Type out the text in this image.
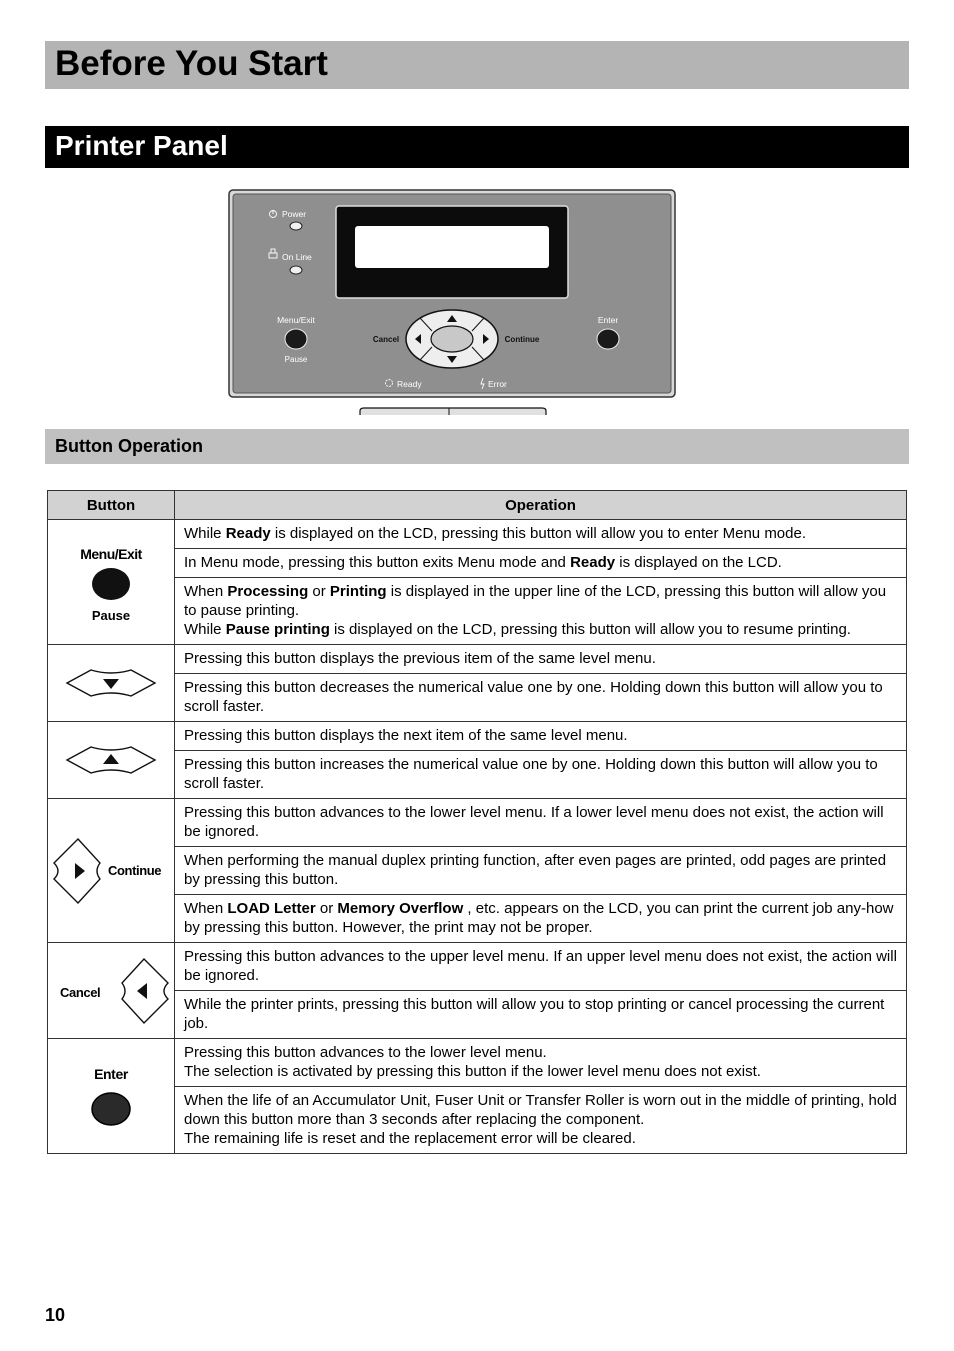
Before You Start
Printer Panel
Power
On Line
Menu/Exit
Pause
Cancel	Continue
Enter
Ready	Error
Button Operation
Button	Operation

Menu/Exit
Pause	While Ready is displayed on the LCD, pressing this button will allow you to enter Menu mode.
	In Menu mode, pressing this button exits Menu mode and Ready is displayed on the LCD.
	When Processing or Printing is displayed in the upper line of the LCD, pressing this button will allow you to pause printing.
While Pause printing is displayed on the LCD, pressing this button will allow you to resume printing.

	Pressing this button displays the previous item of the same level menu.
	Pressing this button decreases the numerical value one by one. Holding down this button will allow you to scroll faster.

	Pressing this button displays the next item of the same level menu.
	Pressing this button increases the numerical value one by one. Holding down this button will allow you to scroll faster.

Continue	Pressing this button advances to the lower level menu. If a lower level menu does not exist, the action will be ignored.
	When performing the manual duplex printing function, after even pages are printed, odd pages are printed by pressing this button.
	When LOAD Letter or Memory Overflow , etc. appears on the LCD, you can print the current job any-how by pressing this button. However, the print may not be proper.

Cancel	Pressing this button advances to the upper level menu. If an upper level menu does not exist, the action will be ignored.
	While the printer prints, pressing this button will allow you to stop printing or cancel processing the current job.

Enter	Pressing this button advances to the lower level menu.
The selection is activated by pressing this button if the lower level menu does not exist.
	When the life of an Accumulator Unit, Fuser Unit or Transfer Roller is worn out in the middle of printing, hold down this button more than 3 seconds after replacing the component.
The remaining life is reset and the replacement error will be cleared.
10
